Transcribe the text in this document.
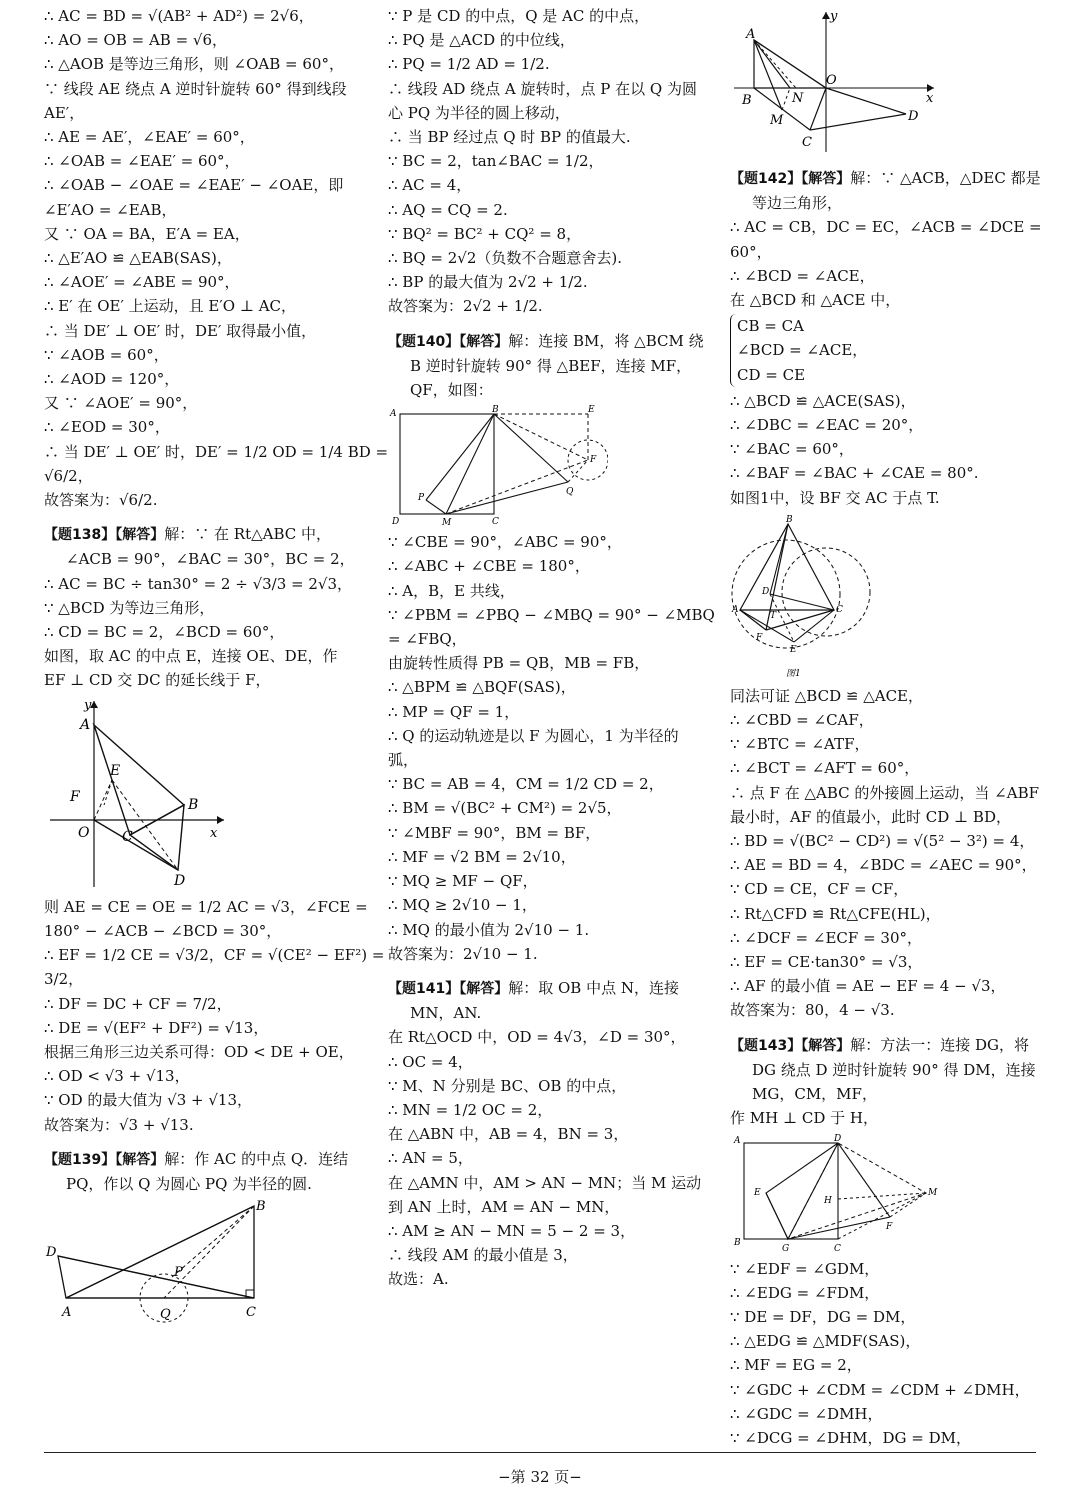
∴ AC = BD = √(AB² + AD²) = 2√6，
∴ AO = OB = AB = √6，
∴ △AOB 是等边三角形，则 ∠OAB = 60°，
∵ 线段 AE 绕点 A 逆时针旋转 60° 得到线段
AE′，
∴ AE = AE′，∠EAE′ = 60°，
∴ ∠OAB = ∠EAE′ = 60°，
∴ ∠OAB − ∠OAE = ∠EAE′ − ∠OAE，即
∠E′AO = ∠EAB，
又 ∵ OA = BA，E′A = EA，
∴ △E′AO ≌ △EAB(SAS)，
∴ ∠AOE′ = ∠ABE = 90°，
∴ E′ 在 OE′ 上运动，且 E′O ⊥ AC，
∴ 当 DE′ ⊥ OE′ 时，DE′ 取得最小值，
∵ ∠AOB = 60°，
∴ ∠AOD = 120°，
又 ∵ ∠AOE′ = 90°，
∴ ∠EOD = 30°，
∴ 当 DE′ ⊥ OE′ 时，DE′ = 1/2 OD = 1/4 BD =
√6/2，
故答案为：√6/2.
【题138】【解答】解：∵ 在 Rt△ABC 中，
∠ACB = 90°，∠BAC = 30°，BC = 2，
∴ AC = BC ÷ tan30° = 2 ÷ √3/3 = 2√3，
∵ △BCD 为等边三角形，
∴ CD = BC = 2，∠BCD = 60°，
如图，取 AC 的中点 E，连接 OE、DE，作
EF ⊥ CD 交 DC 的延长线于 F，
y
x
A
E
F	B
O C
D
则 AE = CE = OE = 1/2 AC = √3，∠FCE =
180° − ∠ACB − ∠BCD = 30°，
∴ EF = 1/2 CE = √3/2，CF = √(CE² − EF²) =
3/2，
∴ DF = DC + CF = 7/2，
∴ DE = √(EF² + DF²) = √13，
根据三角形三边关系可得：OD < DE + OE，
∴ OD < √3 + √13，
∵ OD 的最大值为 √3 + √13，
故答案为：√3 + √13.
【题139】【解答】解：作 AC 的中点 Q．连结
PQ，作以 Q 为圆心 PQ 为半径的圆.
D
A	Q
P
C
B
∵ P 是 CD 的中点，Q 是 AC 的中点，
∴ PQ 是 △ACD 的中位线，
∴ PQ = 1/2 AD = 1/2.
∴ 线段 AD 绕点 A 旋转时，点 P 在以 Q 为圆
心 PQ 为半径的圆上移动，
∴ 当 BP 经过点 Q 时 BP 的值最大.
∵ BC = 2，tan∠BAC = 1/2，
∴ AC = 4，
∴ AQ = CQ = 2.
∵ BQ² = BC² + CQ² = 8，
∴ BQ = 2√2（负数不合题意舍去).
∴ BP 的最大值为 2√2 + 1/2.
故答案为：2√2 + 1/2.
【题140】【解答】解：连接 BM，将 △BCM 绕
B 逆时针旋转 90° 得 △BEF，连接 MF，
QF，如图：
A	B	E
F
Q
P
M
D	C
∵ ∠CBE = 90°，∠ABC = 90°，
∴ ∠ABC + ∠CBE = 180°，
∴ A，B，E 共线，
∵ ∠PBM = ∠PBQ − ∠MBQ = 90° − ∠MBQ
= ∠FBQ，
由旋转性质得 PB = QB，MB = FB，
∴ △BPM ≌ △BQF(SAS)，
∴ MP = QF = 1，
∴ Q 的运动轨迹是以 F 为圆心，1 为半径的
弧，
∵ BC = AB = 4，CM = 1/2 CD = 2，
∴ BM = √(BC² + CM²) = 2√5，
∵ ∠MBF = 90°，BM = BF，
∴ MF = √2 BM = 2√10，
∵ MQ ≥ MF − QF，
∴ MQ ≥ 2√10 − 1，
∴ MQ 的最小值为 2√10 − 1.
故答案为：2√10 − 1.
【题141】【解答】解：取 OB 中点 N，连接
MN，AN.
在 Rt△OCD 中，OD = 4√3，∠D = 30°，
∴ OC = 4，
∵ M、N 分别是 BC、OB 的中点，
∴ MN = 1/2 OC = 2，
在 △ABN 中，AB = 4，BN = 3，
∴ AN = 5，
在 △AMN 中，AM > AN − MN；当 M 运动
到 AN 上时，AM = AN − MN，
∴ AM ≥ AN − MN = 5 − 2 = 3，
∴ 线段 AM 的最小值是 3，
故选：A.
y
x
A
B	N
M
C
O
D
【题142】【解答】解：∵ △ACB，△DEC 都是
等边三角形，
∴ AC = CB，DC = EC，∠ACB = ∠DCE =
60°，
∴ ∠BCD = ∠ACE，
在 △BCD 和 △ACE 中，
CB = CA
∠BCD = ∠ACE，
CD = CE
∴ △BCD ≌ △ACE(SAS)，
∴ ∠DBC = ∠EAC = 20°，
∵ ∠BAC = 60°，
∴ ∠BAF = ∠BAC + ∠CAE = 80°.
如图1中，设 BF 交 AC 于点 T.
B
A	C
D
T
F
E
图1
同法可证 △BCD ≌ △ACE，
∴ ∠CBD = ∠CAF，
∵ ∠BTC = ∠ATF，
∴ ∠BCT = ∠AFT = 60°，
∴ 点 F 在 △ABC 的外接圆上运动，当 ∠ABF
最小时，AF 的值最小，此时 CD ⊥ BD，
∴ BD = √(BC² − CD²) = √(5² − 3²) = 4，
∴ AE = BD = 4，∠BDC = ∠AEC = 90°，
∵ CD = CE，CF = CF，
∴ Rt△CFD ≌ Rt△CFE(HL)，
∴ ∠DCF = ∠ECF = 30°，
∴ EF = CE·tan30° = √3，
∴ AF 的最小值 = AE − EF = 4 − √3，
故答案为：80，4 − √3.
【题143】【解答】解：方法一：连接 DG，将
DG 绕点 D 逆时针旋转 90° 得 DM，连接
MG，CM，MF，
作 MH ⊥ CD 于 H，
A	D
E
H
M
F
B
G	C
∵ ∠EDF = ∠GDM，
∴ ∠EDG = ∠FDM，
∵ DE = DF，DG = DM，
∴ △EDG ≌ △MDF(SAS)，
∴ MF = EG = 2，
∵ ∠GDC + ∠CDM = ∠CDM + ∠DMH，
∴ ∠GDC = ∠DMH，
∵ ∠DCG = ∠DHM，DG = DM，
−第 32 页−
